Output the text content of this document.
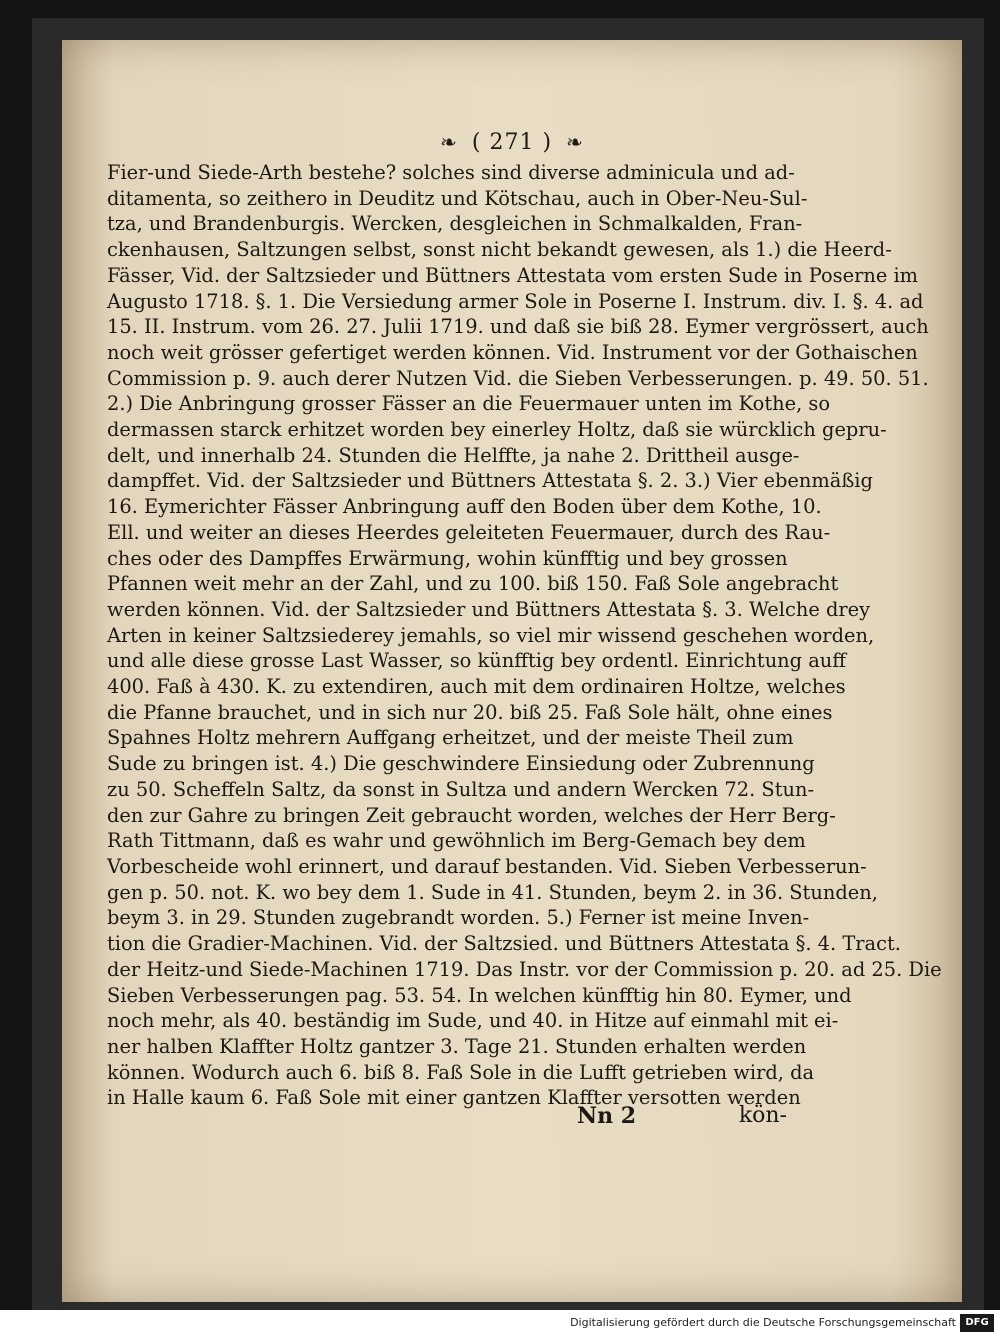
❧ ( 271 ) ❧
Fier-und Siede-Arth bestehe? solches sind diverse adminicula und ad-
ditamenta, so zeithero in Deuditz und Kötschau, auch in Ober-Neu-Sul-
tza, und Brandenburgis. Wercken, desgleichen in Schmalkalden, Fran-
ckenhausen, Saltzungen selbst, sonst nicht bekandt gewesen, als 1.) die Heerd-
Fässer, Vid. der Saltzsieder und Büttners Attestata vom ersten Sude in Poserne im
Augusto 1718. §. 1. Die Versiedung armer Sole in Poserne I. Instrum. div. I. §. 4. ad
15. II. Instrum. vom 26. 27. Julii 1719. und daß sie biß 28. Eymer vergrössert, auch
noch weit grösser gefertiget werden können. Vid. Instrument vor der Gothaischen
Commission p. 9. auch derer Nutzen Vid. die Sieben Verbesserungen. p. 49. 50. 51.
2.) Die Anbringung grosser Fässer an die Feuermauer unten im Kothe, so
dermassen starck erhitzet worden bey einerley Holtz, daß sie würcklich gepru-
delt, und innerhalb 24. Stunden die Helffte, ja nahe 2. Drittheil ausge-
dampffet. Vid. der Saltzsieder und Büttners Attestata §. 2. 3.) Vier ebenmäßig
16. Eymerichter Fässer Anbringung auff den Boden über dem Kothe, 10.
Ell. und weiter an dieses Heerdes geleiteten Feuermauer, durch des Rau-
ches oder des Dampffes Erwärmung, wohin künfftig und bey grossen
Pfannen weit mehr an der Zahl, und zu 100. biß 150. Faß Sole angebracht
werden können. Vid. der Saltzsieder und Büttners Attestata §. 3. Welche drey
Arten in keiner Saltzsiederey jemahls, so viel mir wissend geschehen worden,
und alle diese grosse Last Wasser, so künfftig bey ordentl. Einrichtung auff
400. Faß à 430. K. zu extendiren, auch mit dem ordinairen Holtze, welches
die Pfanne brauchet, und in sich nur 20. biß 25. Faß Sole hält, ohne eines
Spahnes Holtz mehrern Auffgang erheitzet, und der meiste Theil zum
Sude zu bringen ist. 4.) Die geschwindere Einsiedung oder Zubrennung
zu 50. Scheffeln Saltz, da sonst in Sultza und andern Wercken 72. Stun-
den zur Gahre zu bringen Zeit gebraucht worden, welches der Herr Berg-
Rath Tittmann, daß es wahr und gewöhnlich im Berg-Gemach bey dem
Vorbescheide wohl erinnert, und darauf bestanden. Vid. Sieben Verbesserun-
gen p. 50. not. K. wo bey dem 1. Sude in 41. Stunden, beym 2. in 36. Stunden,
beym 3. in 29. Stunden zugebrandt worden. 5.) Ferner ist meine Inven-
tion die Gradier-Machinen. Vid. der Saltzsied. und Büttners Attestata §. 4. Tract.
der Heitz-und Siede-Machinen 1719. Das Instr. vor der Commission p. 20. ad 25. Die
Sieben Verbesserungen pag. 53. 54. In welchen künfftig hin 80. Eymer, und
noch mehr, als 40. beständig im Sude, und 40. in Hitze auf einmahl mit ei-
ner halben Klaffter Holtz gantzer 3. Tage 21. Stunden erhalten werden
können. Wodurch auch 6. biß 8. Faß Sole in die Lufft getrieben wird, da
in Halle kaum 6. Faß Sole mit einer gantzen Klaffter versotten werden
Nn 2	kön-
Digitalisierung gefördert durch die Deutsche Forschungsgemeinschaft DFG
